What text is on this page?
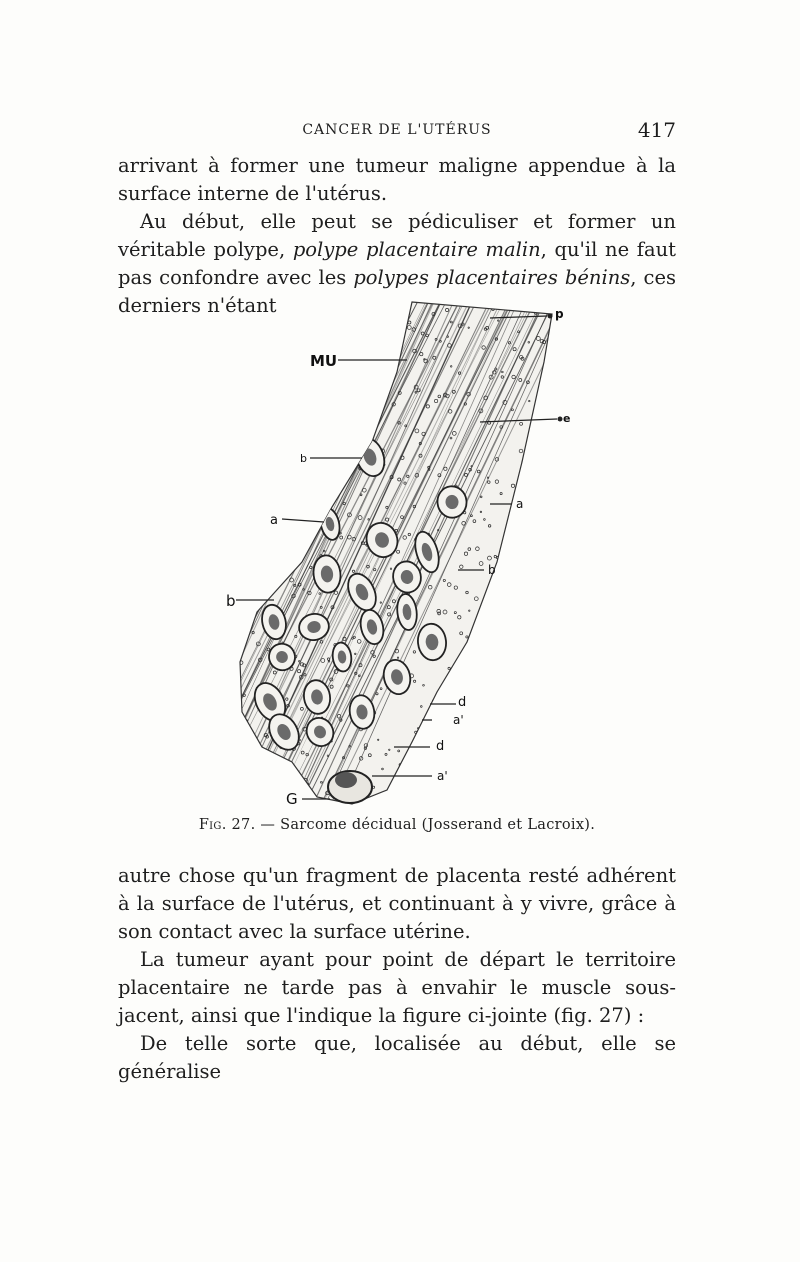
CANCER DE L'UTÉRUS	417

arrivant à former une tumeur maligne appendue à la surface interne de l'utérus.

Au début, elle peut se pédiculiser et former un véritable polype, polype placentaire malin, qu'il ne faut pas confondre avec les polypes placentaires bénins, ces derniers n'étant

MU
p
e
b
a
a
b
b
d
a'
d
a'
G
Fig. 27. — Sarcome décidual (Josserand et Lacroix).

autre chose qu'un fragment de placenta resté adhérent à la surface de l'utérus, et continuant à y vivre, grâce à son contact avec la surface utérine.

La tumeur ayant pour point de départ le territoire placentaire ne tarde pas à envahir le muscle sous-jacent, ainsi que l'indique la figure ci-jointe (fig. 27) :

De telle sorte que, localisée au début, elle se généralise
